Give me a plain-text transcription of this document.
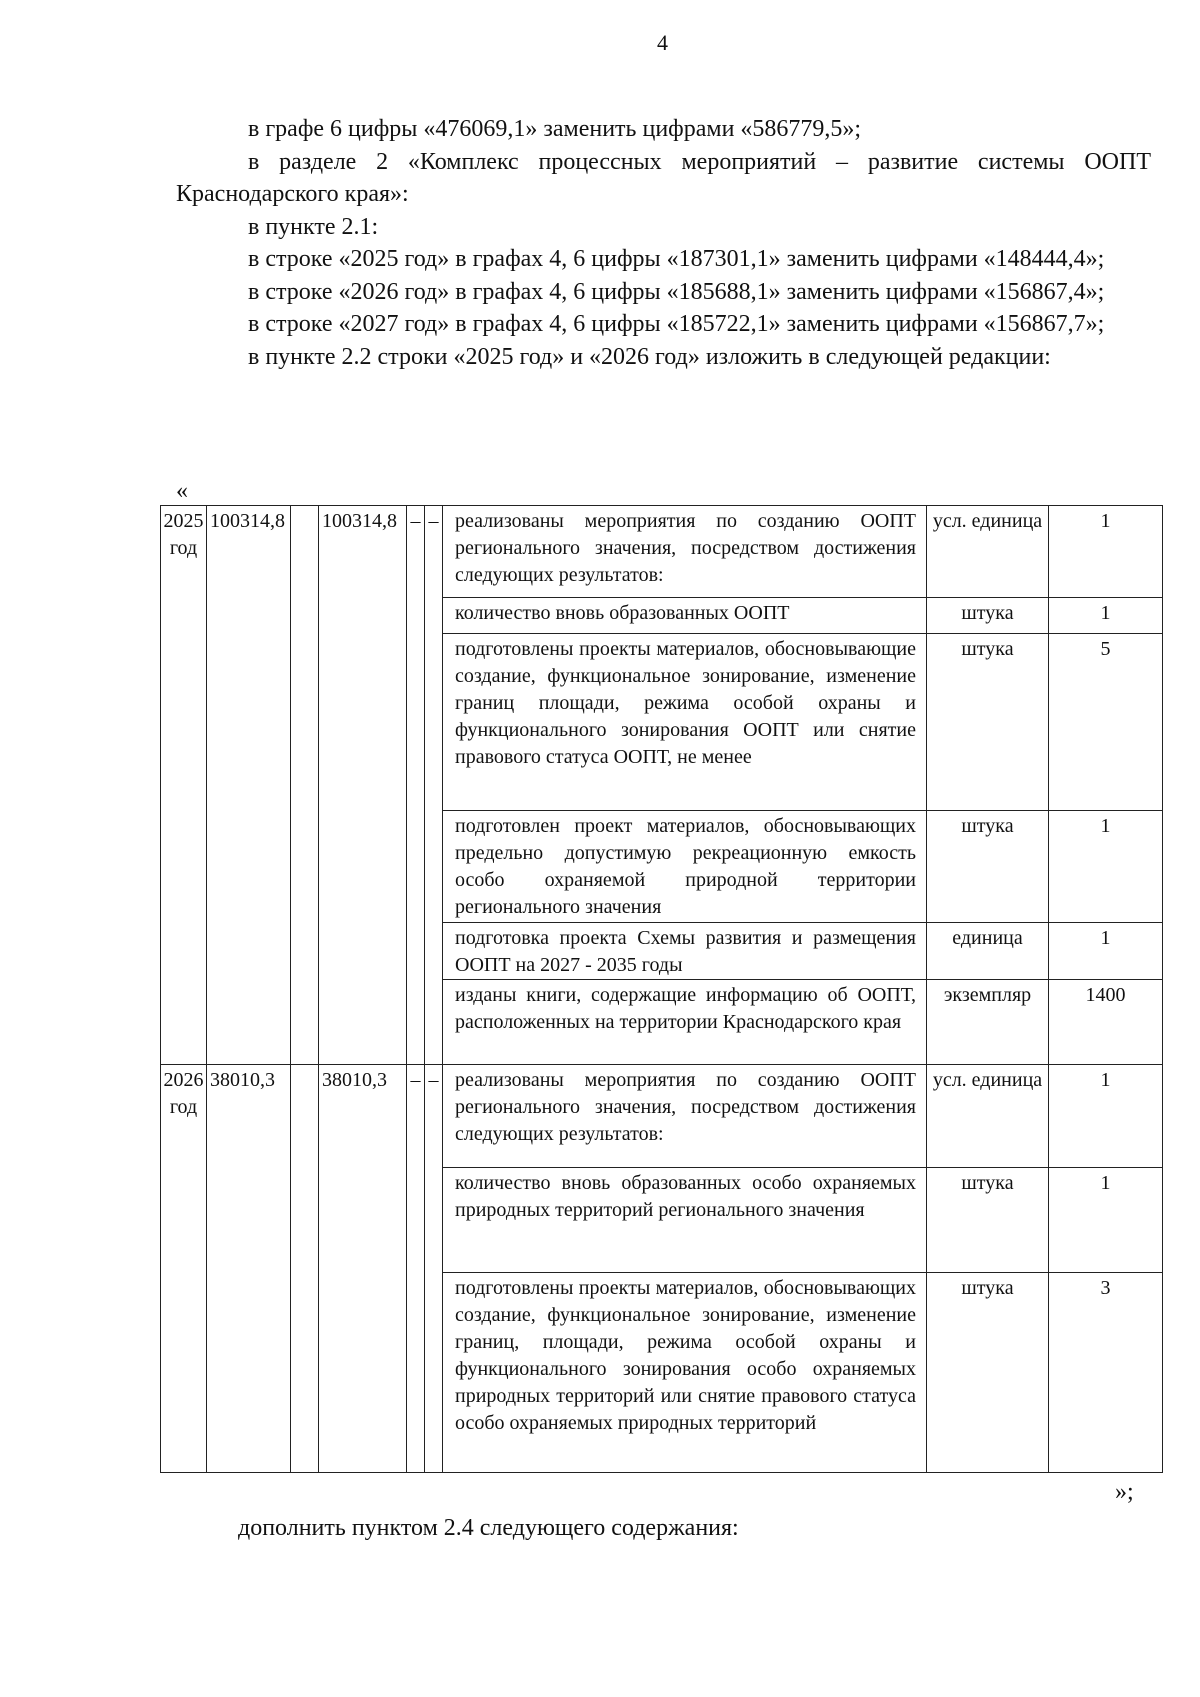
4

в графе 6 цифры «476069,1» заменить цифрами «586779,5»;

в разделе 2 «Комплекс процессных мероприятий – развитие системы ООПТ Краснодарского края»:

в пункте 2.1:

в строке «2025 год» в графах 4, 6 цифры «187301,1» заменить цифрами «148444,4»;

в строке «2026 год» в графах 4, 6 цифры «185688,1» заменить цифрами «156867,4»;

в строке «2027 год» в графах 4, 6 цифры «185722,1» заменить цифрами «156867,7»;

в пункте 2.2 строки «2025 год» и «2026 год» изложить в следующей редакции:

«
2025 год	100314,8		100314,8	–	–	реализованы мероприятия по созданию ООПТ регионального значения, посредством достижения следующих результатов:	усл. единица	1
						количество вновь образованных ООПТ	штука	1
						подготовлены проекты материалов, обосновывающие создание, функциональное зонирование, изменение границ площади, режима особой охраны и функционального зонирования ООПТ или снятие правового статуса ООПТ, не менее	штука	5
						подготовлен проект материалов, обосновывающих предельно допустимую рекреационную емкость особо охраняемой природной территории регионального значения	штука	1
						подготовка проекта Схемы развития и размещения ООПТ на 2027 - 2035 годы	единица	1
						изданы книги, содержащие информацию об ООПТ, расположенных на территории Краснодарского края	экземпляр	1400
2026 год	38010,3		38010,3	–	–	реализованы мероприятия по созданию ООПТ регионального значения, посредством достижения следующих результатов:	усл. единица	1
						количество вновь образованных особо охраняемых природных территорий регионального значения	штука	1
						подготовлены проекты материалов, обосновывающих создание, функциональное зонирование, изменение границ, площади, режима особой охраны и функционального зонирования особо охраняемых природных территорий или снятие правового статуса особо охраняемых природных территорий	штука	3
»;
дополнить пунктом 2.4 следующего содержания:
